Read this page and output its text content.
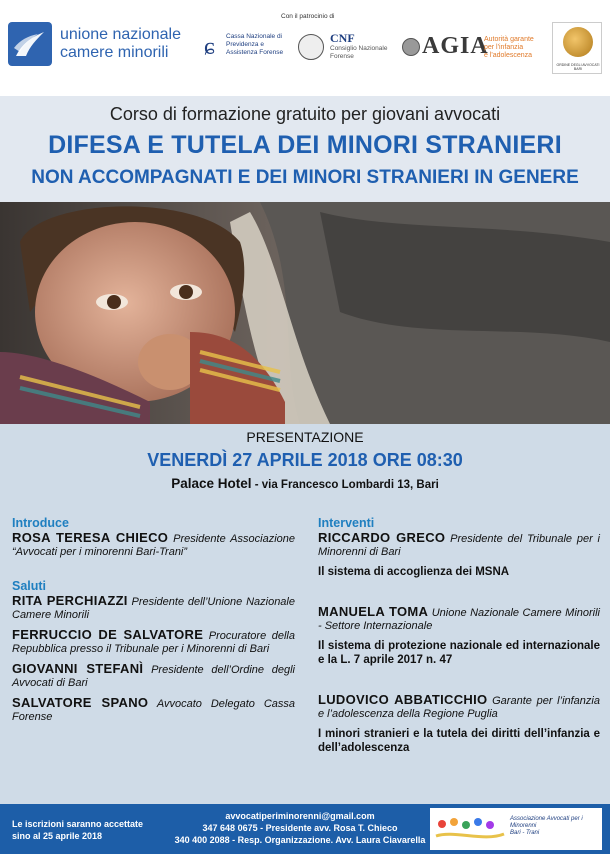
unione nazionale
camere minorili
Con il patrocinio di
ɕ	Cassa Nazionale di
Previdenza e
Assistenza Forense
CNF
Consiglio Nazionale
Forense	AGIA
Autorità garante
per l'infanzia
e l'adolescenza
ORDINE DEGLI AVVOCATI BARI
Corso di formazione gratuito per giovani avvocati
DIFESA E TUTELA DEI MINORI STRANIERI
NON ACCOMPAGNATI E DEI MINORI STRANIERI IN GENERE
PRESENTAZIONE
VENERDÌ 27 APRILE 2018 ORE 08:30
Palace Hotel - via Francesco Lombardi 13, Bari
Introduce
ROSA TERESA CHIECO Presidente Associazione “Avvocati per i minorenni Bari-Trani”
Saluti
RITA PERCHIAZZI Presidente dell’Unione Nazionale Camere Minorili
FERRUCCIO DE SALVATORE Procuratore della Repubblica presso il Tribunale per i Minorenni di Bari
GIOVANNI STEFANÌ Presidente dell’Ordine degli Avvocati di Bari
SALVATORE SPANO Avvocato Delegato Cassa Forense
Interventi
RICCARDO GRECO Presidente del Tribunale per i Minorenni di Bari
Il sistema di accoglienza dei MSNA
MANUELA TOMA Unione Nazionale Camere Minorili - Settore Internazionale
Il sistema di protezione nazionale ed internazionale e la L. 7 aprile 2017 n. 47
LUDOVICO ABBATICCHIO Garante per l’infanzia e l’adolescenza della Regione Puglia
I minori stranieri e la tutela dei diritti dell’infanzia e dell’adolescenza
Le iscrizioni saranno accettate
sino al 25 aprile 2018
avvocatiperiminorenni@gmail.com
347 648 0675 - Presidente avv. Rosa T. Chieco
340 400 2088 - Resp. Organizzazione. Avv. Laura Ciavarella
Associazione Avvocati per i Minorenni
Bari - Trani
